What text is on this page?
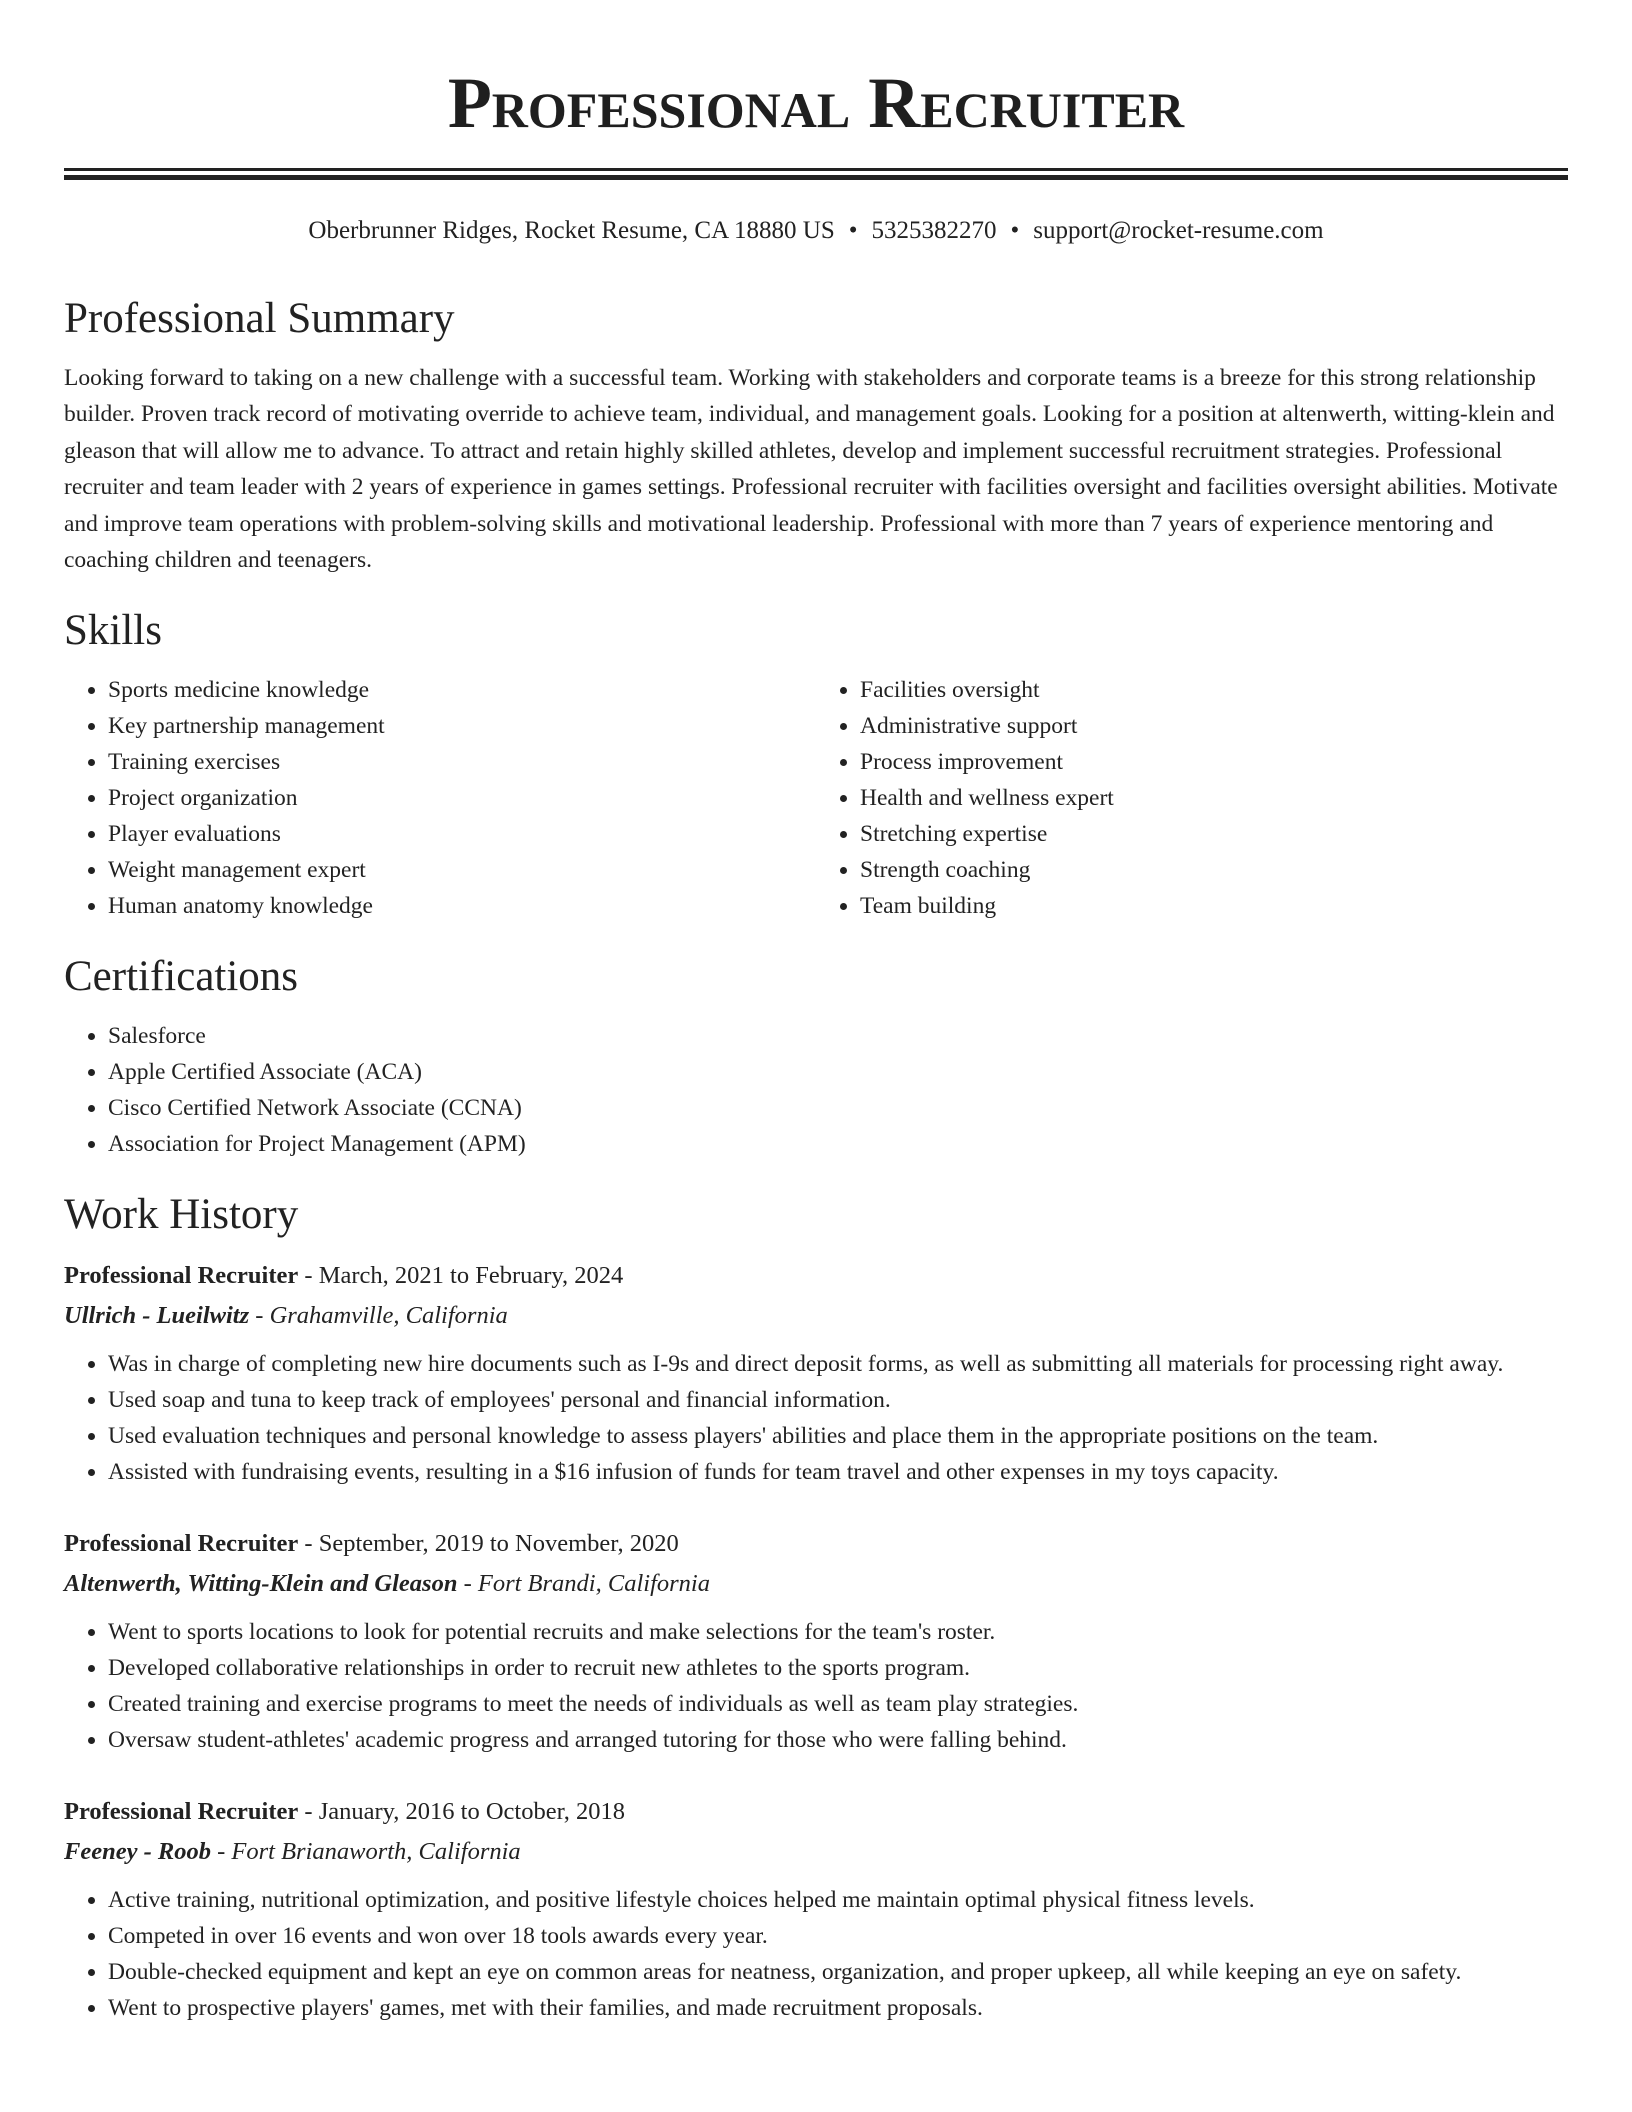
Professional Recruiter
Oberbrunner Ridges, Rocket Resume, CA 18880 US • 5325382270 • support@rocket-resume.com
Professional Summary

Looking forward to taking on a new challenge with a successful team. Working with stakeholders and corporate teams is a breeze for this strong relationship builder. Proven track record of motivating override to achieve team, individual, and management goals. Looking for a position at altenwerth, witting-klein and gleason that will allow me to advance. To attract and retain highly skilled athletes, develop and implement successful recruitment strategies. Professional recruiter and team leader with 2 years of experience in games settings. Professional recruiter with facilities oversight and facilities oversight abilities. Motivate and improve team operations with problem-solving skills and motivational leadership. Professional with more than 7 years of experience mentoring and coaching children and teenagers.

Skills
• Sports medicine knowledge
• Key partnership management
• Training exercises
• Project organization
• Player evaluations
• Weight management expert
• Human anatomy knowledge
• Facilities oversight
• Administrative support
• Process improvement
• Health and wellness expert
• Stretching expertise
• Strength coaching
• Team building
Certifications
• Salesforce
• Apple Certified Associate (ACA)
• Cisco Certified Network Associate (CCNA)
• Association for Project Management (APM)
Work History
Professional Recruiter - March, 2021 to February, 2024
Ullrich - Lueilwitz - Grahamville, California
• Was in charge of completing new hire documents such as I-9s and direct deposit forms, as well as submitting all materials for processing right away.
• Used soap and tuna to keep track of employees' personal and financial information.
• Used evaluation techniques and personal knowledge to assess players' abilities and place them in the appropriate positions on the team.
• Assisted with fundraising events, resulting in a $16 infusion of funds for team travel and other expenses in my toys capacity.
Professional Recruiter - September, 2019 to November, 2020
Altenwerth, Witting-Klein and Gleason - Fort Brandi, California
• Went to sports locations to look for potential recruits and make selections for the team's roster.
• Developed collaborative relationships in order to recruit new athletes to the sports program.
• Created training and exercise programs to meet the needs of individuals as well as team play strategies.
• Oversaw student-athletes' academic progress and arranged tutoring for those who were falling behind.
Professional Recruiter - January, 2016 to October, 2018
Feeney - Roob - Fort Brianaworth, California
• Active training, nutritional optimization, and positive lifestyle choices helped me maintain optimal physical fitness levels.
• Competed in over 16 events and won over 18 tools awards every year.
• Double-checked equipment and kept an eye on common areas for neatness, organization, and proper upkeep, all while keeping an eye on safety.
• Went to prospective players' games, met with their families, and made recruitment proposals.
